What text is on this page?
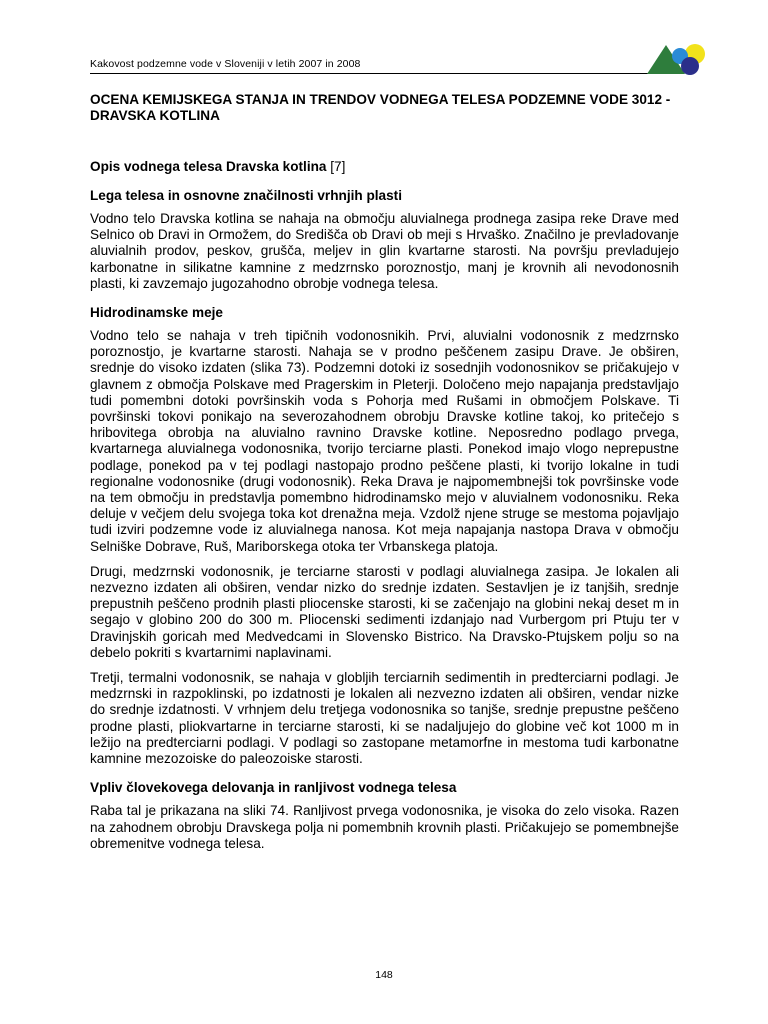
Kakovost podzemne vode v Sloveniji v letih 2007 in 2008
OCENA KEMIJSKEGA STANJA IN TRENDOV VODNEGA TELESA PODZEMNE VODE 3012 - DRAVSKA KOTLINA
Opis vodnega telesa Dravska kotlina [7]
Lega telesa in osnovne značilnosti vrhnjih plasti

Vodno telo Dravska kotlina se nahaja na območju aluvialnega prodnega zasipa reke Drave med Selnico ob Dravi in Ormožem, do Središča ob Dravi ob meji s Hrvaško. Značilno je prevladovanje aluvialnih prodov, peskov, grušča, meljev in glin kvartarne starosti. Na površju prevladujejo karbonatne in silikatne kamnine z medzrnsko poroznostjo, manj je krovnih ali nevodonosnih plasti, ki zavzemajo jugozahodno obrobje vodnega telesa.

Hidrodinamske meje

Vodno telo se nahaja v treh tipičnih vodonosnikih. Prvi, aluvialni vodonosnik z medzrnsko poroznostjo, je kvartarne starosti. Nahaja se v prodno peščenem zasipu Drave. Je obširen, srednje do visoko izdaten (slika 73). Podzemni dotoki iz sosednjih vodonosnikov se pričakujejo v glavnem z območja Polskave med Pragerskim in Pleterji. Določeno mejo napajanja predstavljajo tudi pomembni dotoki površinskih voda s Pohorja med Rušami in območjem Polskave. Ti površinski tokovi ponikajo na severozahodnem obrobju Dravske kotline takoj, ko pritečejo s hribovitega obrobja na aluvialno ravnino Dravske kotline. Neposredno podlago prvega, kvartarnega aluvialnega vodonosnika, tvorijo terciarne plasti. Ponekod imajo vlogo neprepustne podlage, ponekod pa v tej podlagi nastopajo prodno peščene plasti, ki tvorijo lokalne in tudi regionalne vodonosnike (drugi vodonosnik). Reka Drava je najpomembnejši tok površinske vode na tem območju in predstavlja pomembno hidrodinamsko mejo v aluvialnem vodonosniku. Reka deluje v večjem delu svojega toka kot drenažna meja. Vzdolž njene struge se mestoma pojavljajo tudi izviri podzemne vode iz aluvialnega nanosa. Kot meja napajanja nastopa Drava v območju Selniške Dobrave, Ruš, Mariborskega otoka ter Vrbanskega platoja.

Drugi, medzrnski vodonosnik, je terciarne starosti v podlagi aluvialnega zasipa. Je lokalen ali nezvezno izdaten ali obširen, vendar nizko do srednje izdaten. Sestavljen je iz tanjših, srednje prepustnih peščeno prodnih plasti pliocenske starosti, ki se začenjajo na globini nekaj deset m in segajo v globino 200 do 300 m. Pliocenski sedimenti izdanjajo nad Vurbergom pri Ptuju ter v Dravinjskih goricah med Medvedcami in Slovensko Bistrico. Na Dravsko-Ptujskem polju so na debelo pokriti s kvartarnimi naplavinami.

Tretji, termalni vodonosnik, se nahaja v globljih terciarnih sedimentih in predterciarni podlagi. Je medzrnski in razpoklinski, po izdatnosti je lokalen ali nezvezno izdaten ali obširen, vendar nizke do srednje izdatnosti. V vrhnjem delu tretjega vodonosnika so tanjše, srednje prepustne peščeno prodne plasti, pliokvartarne in terciarne starosti, ki se nadaljujejo do globine več kot 1000 m in ležijo na predterciarni podlagi. V podlagi so zastopane metamorfne in mestoma tudi karbonatne kamnine mezozoiske do paleozoiske starosti.

Vpliv človekovega delovanja in ranljivost vodnega telesa

Raba tal je prikazana na sliki 74. Ranljivost prvega vodonosnika, je visoka do zelo visoka. Razen na zahodnem obrobju Dravskega polja ni pomembnih krovnih plasti. Pričakujejo se pomembnejše obremenitve vodnega telesa.

148
